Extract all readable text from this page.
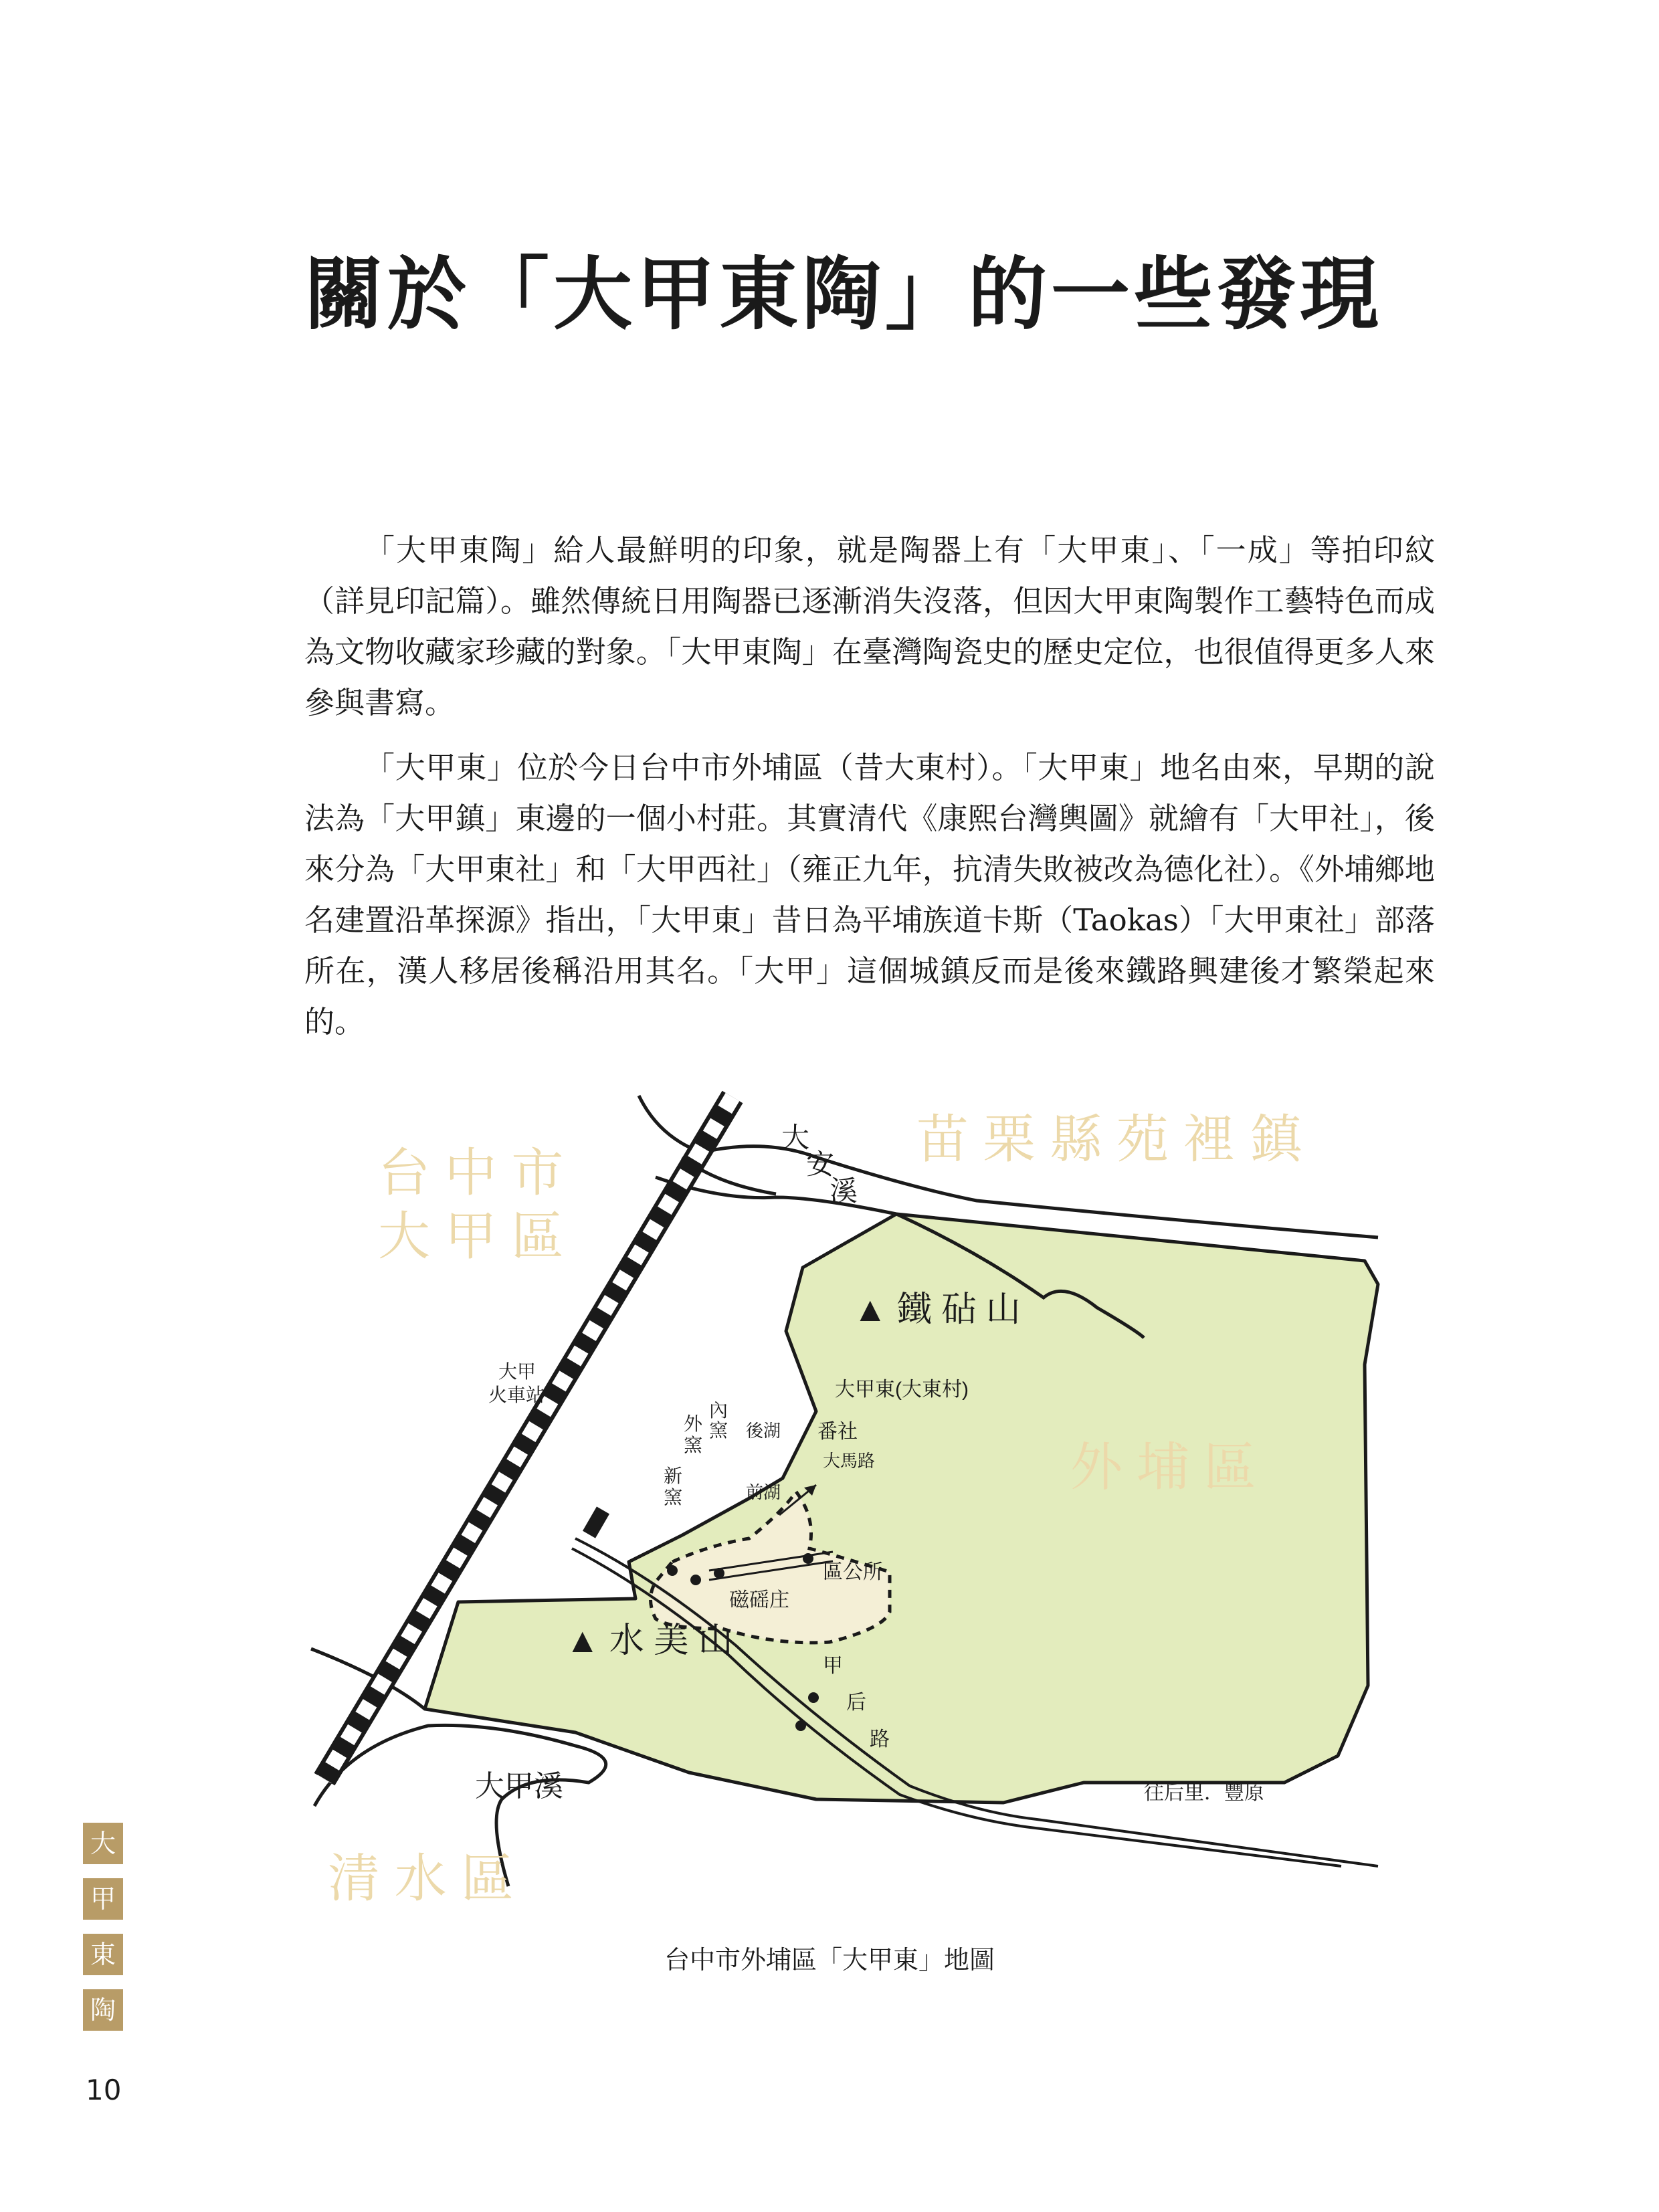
關於「大甲東陶」的一些發現

「大甲東陶」給人最鮮明的印象，就是陶器上有「大甲東」、「一成」等拍印紋（詳見印記篇）。雖然傳統日用陶器已逐漸消失沒落，但因大甲東陶製作工藝特色而成為文物收藏家珍藏的對象。「大甲東陶」在臺灣陶瓷史的歷史定位，也很值得更多人來參與書寫。

「大甲東」位於今日台中市外埔區（昔大東村）。「大甲東」地名由來，早期的說法為「大甲鎮」東邊的一個小村莊。其實清代《康熙台灣輿圖》就繪有「大甲社」，後來分為「大甲東社」和「大甲西社」（雍正九年，抗清失敗被改為德化社）。《外埔鄉地名建置沿革探源》指出，「大甲東」昔日為平埔族道卡斯（Taokas）「大甲東社」部落所在，漢人移居後稱沿用其名。「大甲」這個城鎮反而是後來鐵路興建後才繁榮起來的。

台 中 市
大 甲 區
苗 栗 縣 苑 裡 鎮
外 埔 區
清 水 區
大
安
溪
大甲溪
▲ 鐵 砧 山
▲ 水 美 山
大甲
火車站	大甲東(大東村)
外
窯
內
窯
新
窯
後湖 番社
大馬路
前湖
區公所
磁磘庄
甲
后
路
往后里．豐原
台中市外埔區「大甲東」地圖
大
甲
東
陶
10
